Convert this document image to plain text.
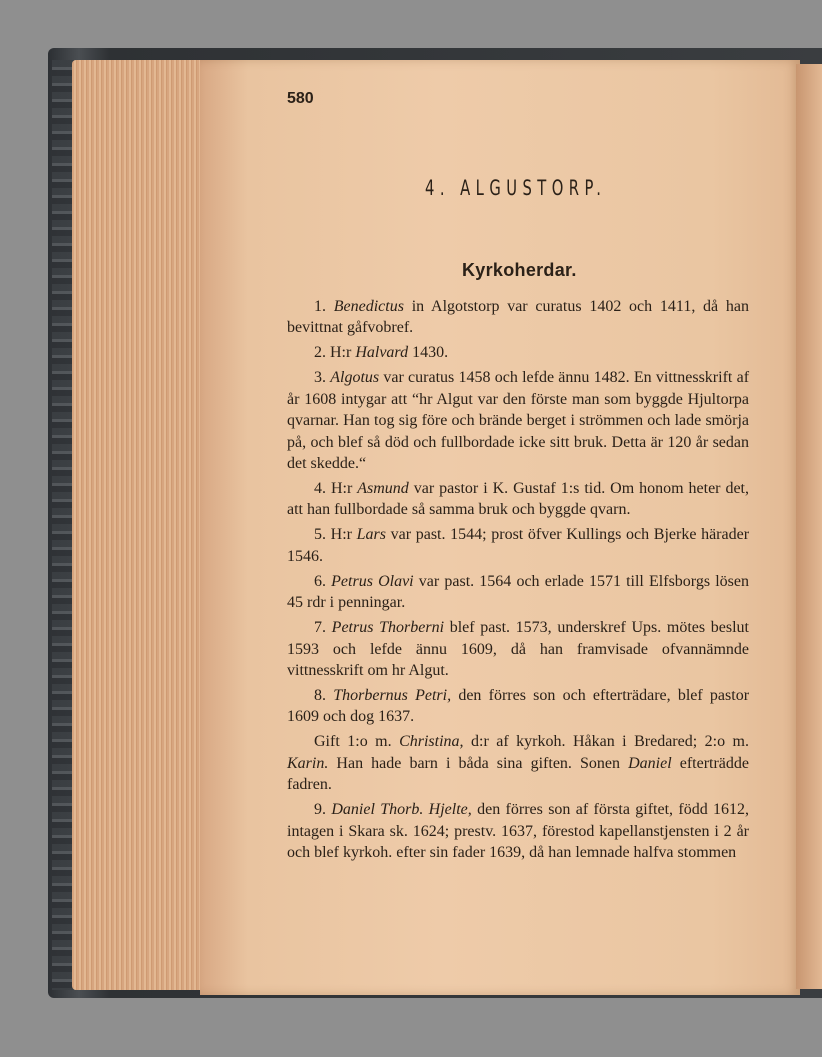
580
4. ALGUSTORP.
Kyrkoherdar.

1. Benedictus in Algotstorp var curatus 1402 och 1411, då han bevittnat gåfvobref.

2. H:r Halvard 1430.

3. Algotus var curatus 1458 och lefde ännu 1482. En vittnesskrift af år 1608 intygar att “hr Algut var den förste man som byggde Hjultorpa qvarnar. Han tog sig före och brände berget i strömmen och lade smörja på, och blef så död och fullbordade icke sitt bruk. Detta är 120 år sedan det skedde.“

4. H:r Asmund var pastor i K. Gustaf 1:s tid. Om honom heter det, att han fullbordade så samma bruk och byggde qvarn.

5. H:r Lars var past. 1544; prost öfver Kullings och Bjerke härader 1546.

6. Petrus Olavi var past. 1564 och erlade 1571 till Elfsborgs lösen 45 rdr i penningar.

7. Petrus Thorberni blef past. 1573, underskref Ups. mötes beslut 1593 och lefde ännu 1609, då han framvisade ofvannämnde vittnesskrift om hr Algut.

8. Thorbernus Petri, den förres son och efterträdare, blef pastor 1609 och dog 1637.

Gift 1:o m. Christina, d:r af kyrkoh. Håkan i Bredared; 2:o m. Karin. Han hade barn i båda sina giften. Sonen Daniel efterträdde fadren.

9. Daniel Thorb. Hjelte, den förres son af första giftet, född 1612, intagen i Skara sk. 1624; prestv. 1637, förestod kapellanstjensten i 2 år och blef kyrkoh. efter sin fader 1639, då han lemnade halfva stommen
